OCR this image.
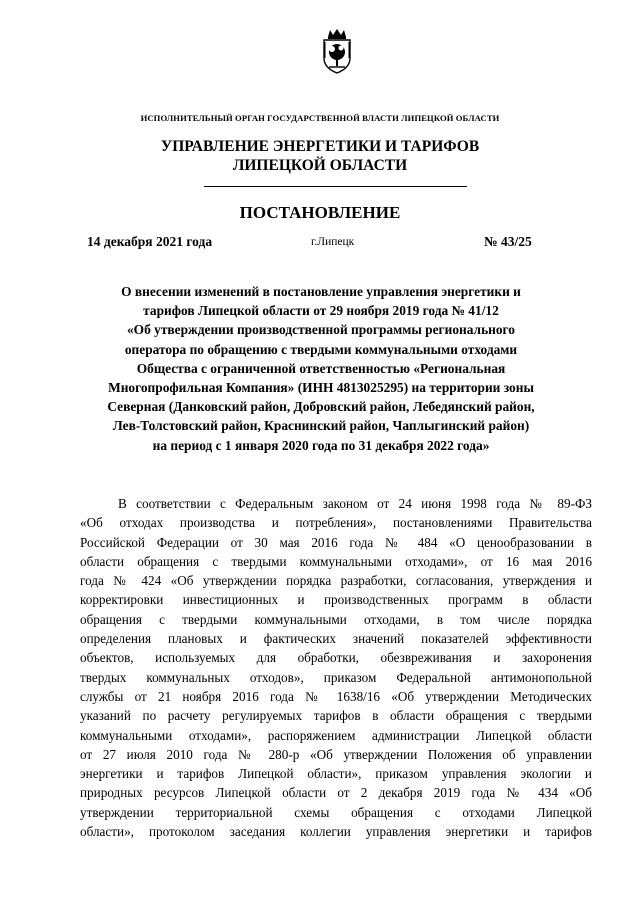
ИСПОЛНИТЕЛЬНЫЙ ОРГАН ГОСУДАРСТВЕННОЙ ВЛАСТИ ЛИПЕЦКОЙ ОБЛАСТИ
УПРАВЛЕНИЕ ЭНЕРГЕТИКИ И ТАРИФОВ
ЛИПЕЦКОЙ ОБЛАСТИ
ПОСТАНОВЛЕНИЕ
14 декабря 2021 года	г.Липецк	№ 43/25
О внесении изменений в постановление управления энергетики и
тарифов Липецкой области от 29 ноября 2019 года № 41/12
«Об утверждении производственной программы регионального
оператора по обращению с твердыми коммунальными отходами
Общества с ограниченной ответственностью «Региональная
Многопрофильная Компания» (ИНН 4813025295) на территории зоны
Северная (Данковский район, Добровский район, Лебедянский район,
Лев-Толстовский район, Краснинский район, Чаплыгинский район)
на период с 1 января 2020 года по 31 декабря 2022 года»
В соответствии с Федеральным законом от 24 июня 1998 года № 89-ФЗ
«Об отходах производства и потребления», постановлениями Правительства
Российской Федерации от 30 мая 2016 года № 484 «О ценообразовании в
области обращения с твердыми коммунальными отходами», от 16 мая 2016
года № 424 «Об утверждении порядка разработки, согласования, утверждения и
корректировки инвестиционных и производственных программ в области
обращения с твердыми коммунальными отходами, в том числе порядка
определения плановых и фактических значений показателей эффективности
объектов, используемых для обработки, обезвреживания и захоронения
твердых коммунальных отходов», приказом Федеральной антимонопольной
службы от 21 ноября 2016 года № 1638/16 «Об утверждении Методических
указаний по расчету регулируемых тарифов в области обращения с твердыми
коммунальными отходами», распоряжением администрации Липецкой области
от 27 июля 2010 года № 280-р «Об утверждении Положения об управлении
энергетики и тарифов Липецкой области», приказом управления экологии и
природных ресурсов Липецкой области от 2 декабря 2019 года № 434 «Об
утверждении территориальной схемы обращения с отходами Липецкой
области», протоколом заседания коллегии управления энергетики и тарифов
